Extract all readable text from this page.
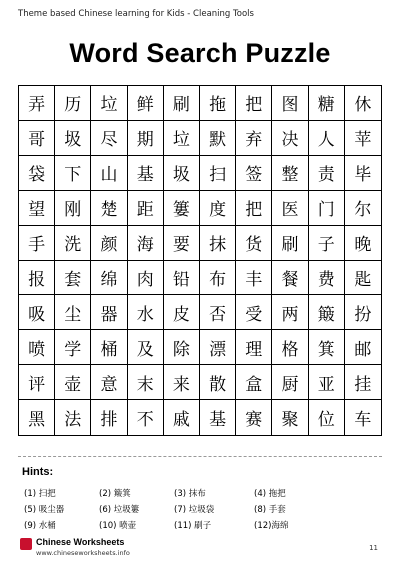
Theme based Chinese learning for Kids - Cleaning Tools
Word Search Puzzle
弄	历	垃	鲜	刷	拖	把	图	糖	休
哥	圾	尽	期	垃	默	弃	决	人	苹
袋	下	山	基	圾	扫	签	整	责	毕
望	刚	楚	距	簍	度	把	医	门	尔
手	洗	颜	海	要	抹	货	刷	子	晚
报	套	绵	肉	铅	布	丰	餐	费	匙
吸	尘	器	水	皮	否	受	两	簸	扮
喷	学	桶	及	除	漂	理	格	箕	邮
评	壶	意	末	来	散	盒	厨	亚	挂
黑	法	排	不	戚	基	赛	聚	位	车
Hints:
(1) 扫把	(2) 簸箕	(3) 抹布	(4) 拖把
(5) 吸尘器	(6) 垃圾簍	(7) 垃圾袋	(8) 手套
(9) 水桶	(10) 喷壶	(11) 刷子	(12)海绵
Chinese Worksheets
www.chineseworksheets.info
11
